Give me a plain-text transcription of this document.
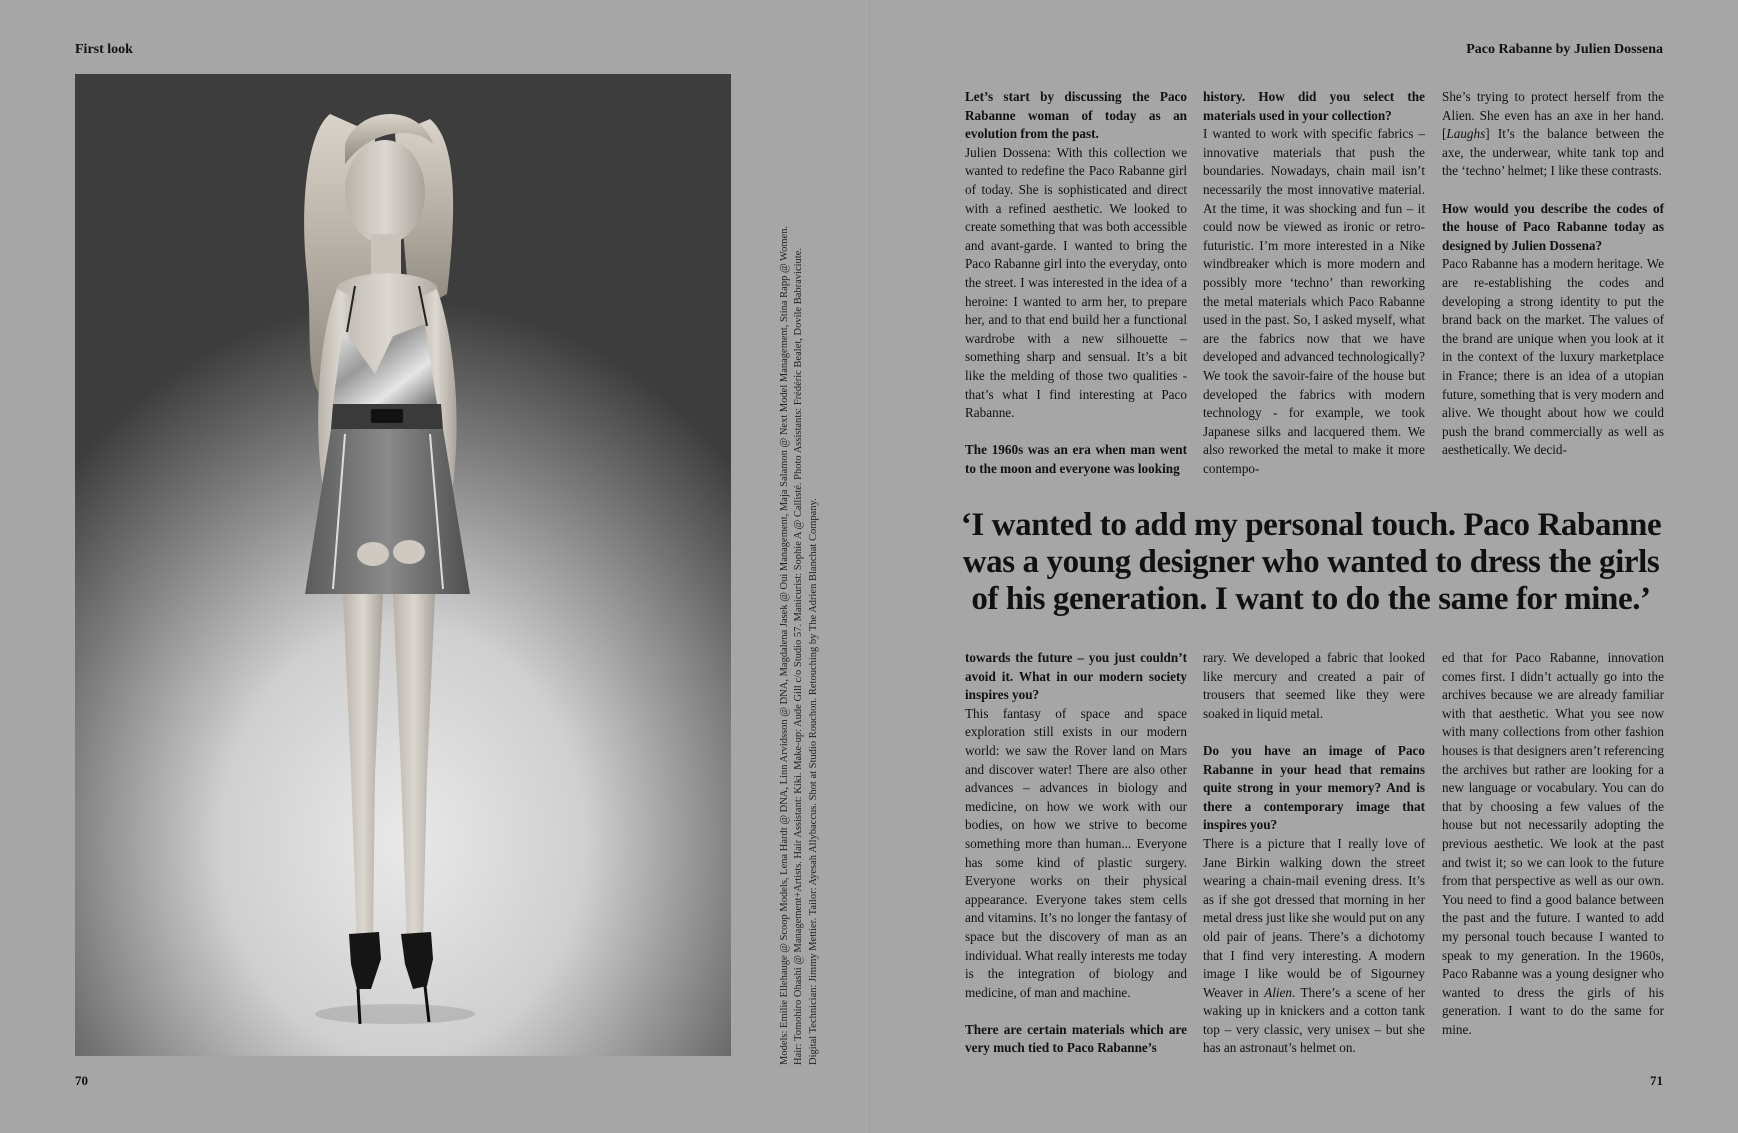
First look	Paco Rabanne by Julien Dossena

Models: Emilie Ellehauge @ Scoop Models, Lena Hardt @ DNA, Linn Arvidsson @ DNA, Magdalena Jasek @ Oui Management, Maja Salamon @ Next Model Management, Stina Rapp @ Women. Hair: Tomohiro Ohashi @ Management+Artists. Hair Assistant: Kiki. Make-up: Aude Gill c/o Studio 57. Manicurist: Sophie A @ Callisté. Photo Assistants: Frédéric Bealet, Dovile Babraviciute. Digital Technician: Jimmy Mettier. Tailor: Ayesah Allybaccus. Shot at Studio Rouchon. Retouching by The Adrien Blanchat Company.

Let’s start by discussing the Paco Rabanne woman of today as an evolution from the past.

Julien Dossena: With this collection we wanted to redefine the Paco Rabanne girl of today. She is sophisticated and direct with a refined aesthetic. We looked to create something that was both accessible and avant-garde. I wanted to bring the Paco Rabanne girl into the everyday, onto the street. I was interested in the idea of a heroine: I wanted to arm her, to prepare her, and to that end build her a functional wardrobe with a new silhouette – something sharp and sensual. It’s a bit like the melding of those two qualities - that’s what I find interesting at Paco Rabanne.

The 1960s was an era when man went to the moon and everyone was looking

history. How did you select the materials used in your collection?

I wanted to work with specific fabrics – innovative materials that push the boundaries. Nowadays, chain mail isn’t necessarily the most innovative material. At the time, it was shocking and fun – it could now be viewed as ironic or retro-futuristic. I’m more interested in a Nike windbreaker which is more modern and possibly more ‘techno’ than reworking the metal materials which Paco Rabanne used in the past. So, I asked myself, what are the fabrics now that we have developed and advanced technologically? We took the savoir-faire of the house but developed the fabrics with modern technology - for example, we took Japanese silks and lacquered them. We also reworked the metal to make it more contempo-

She’s trying to protect herself from the Alien. She even has an axe in her hand. [Laughs] It’s the balance between the axe, the underwear, white tank top and the ‘techno’ helmet; I like these contrasts.

How would you describe the codes of the house of Paco Rabanne today as designed by Julien Dossena?

Paco Rabanne has a modern heritage. We are re-establishing the codes and developing a strong identity to put the brand back on the market. The values of the brand are unique when you look at it in the context of the luxury marketplace in France; there is an idea of a utopian future, something that is very modern and alive. We thought about how we could push the brand commercially as well as aesthetically. We decid-

‘I wanted to add my personal touch. Paco Rabanne was a young designer who wanted to dress the girls of his generation. I want to do the same for mine.’

towards the future – you just couldn’t avoid it. What in our modern society inspires you?

This fantasy of space and space exploration still exists in our modern world: we saw the Rover land on Mars and discover water! There are also other advances – advances in biology and medicine, on how we work with our bodies, on how we strive to become something more than human... Everyone has some kind of plastic surgery. Everyone works on their physical appearance. Everyone takes stem cells and vitamins. It’s no longer the fantasy of space but the discovery of man as an individual. What really interests me today is the integration of biology and medicine, of man and machine.

There are certain materials which are very much tied to Paco Rabanne’s

rary. We developed a fabric that looked like mercury and created a pair of trousers that seemed like they were soaked in liquid metal.

Do you have an image of Paco Rabanne in your head that remains quite strong in your memory? And is there a contemporary image that inspires you?

There is a picture that I really love of Jane Birkin walking down the street wearing a chain-mail evening dress. It’s as if she got dressed that morning in her metal dress just like she would put on any old pair of jeans. There’s a dichotomy that I find very interesting. A modern image I like would be of Sigourney Weaver in Alien. There’s a scene of her waking up in knickers and a cotton tank top – very classic, very unisex – but she has an astronaut’s helmet on.

ed that for Paco Rabanne, innovation comes first. I didn’t actually go into the archives because we are already familiar with that aesthetic. What you see now with many collections from other fashion houses is that designers aren’t referencing the archives but rather are looking for a new language or vocabulary. You can do that by choosing a few values of the house but not necessarily adopting the previous aesthetic. We look at the past and twist it; so we can look to the future from that perspective as well as our own. You need to find a good balance between the past and the future. I wanted to add my personal touch because I wanted to speak to my generation. In the 1960s, Paco Rabanne was a young designer who wanted to dress the girls of his generation. I want to do the same for mine.

70	71
